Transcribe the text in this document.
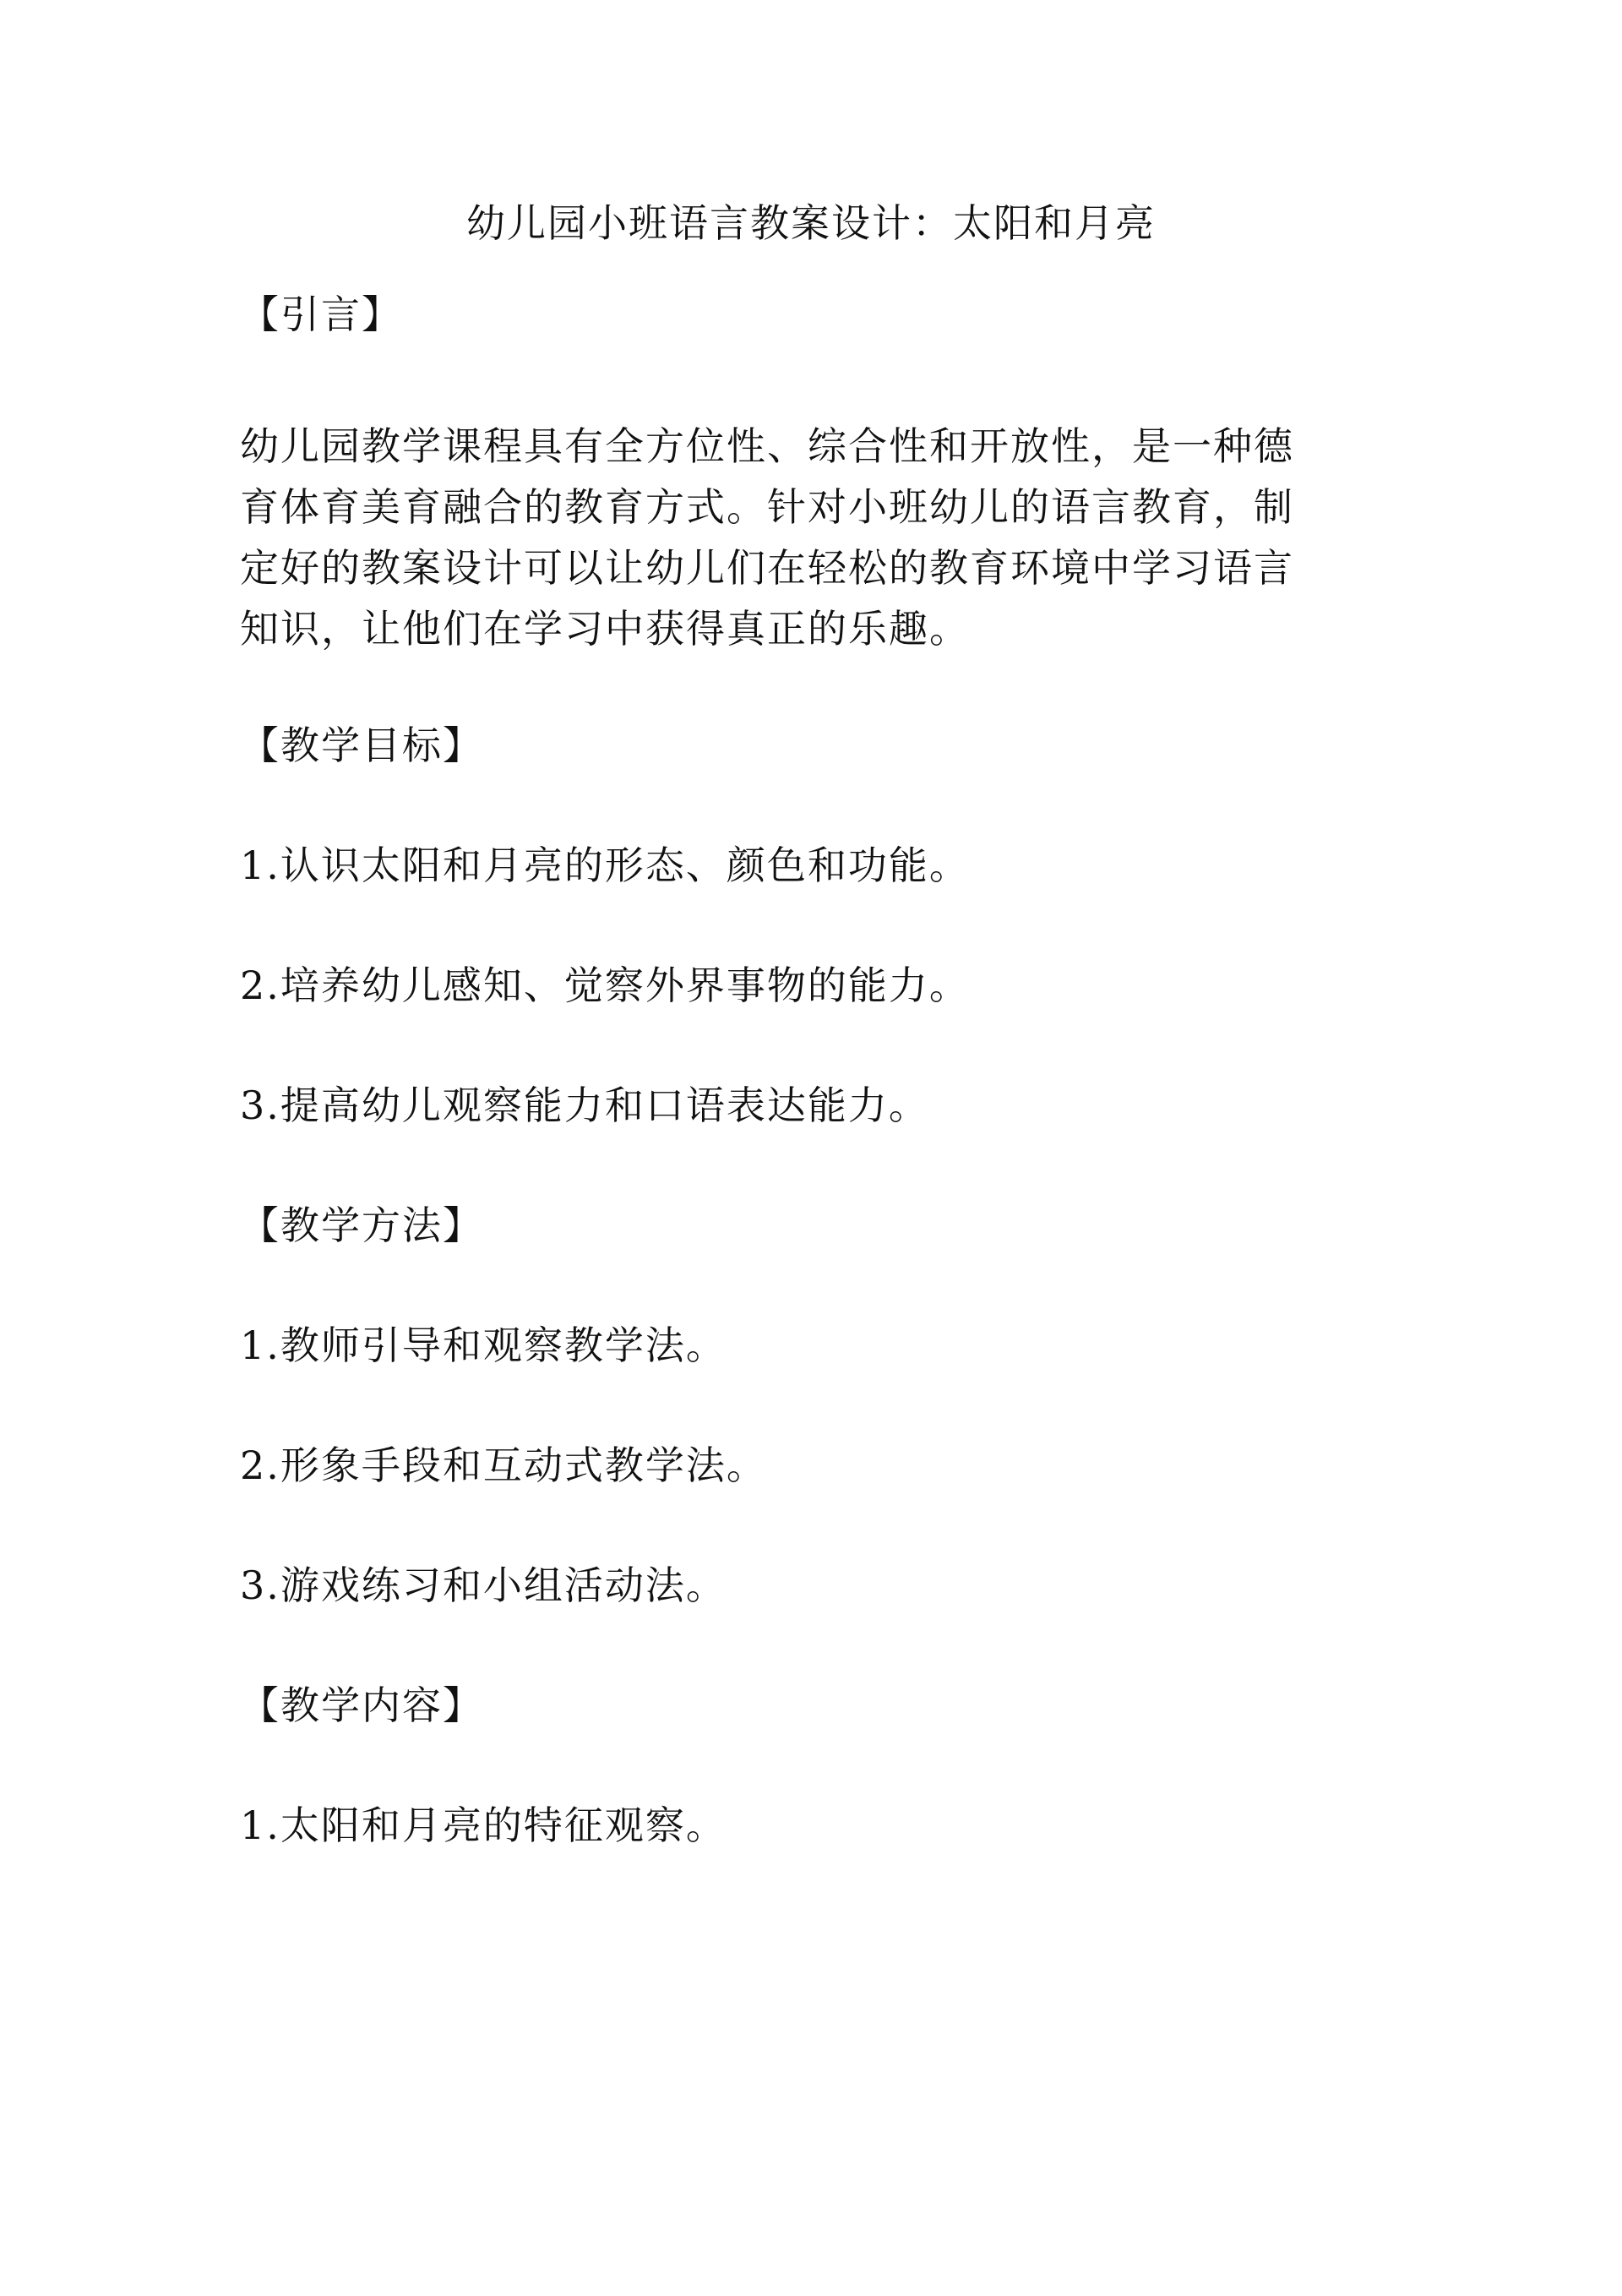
幼儿园小班语言教案设计：太阳和月亮
【引言】
幼儿园教学课程具有全方位性、综合性和开放性，是一种德
育体育美育融合的教育方式。针对小班幼儿的语言教育，制
定好的教案设计可以让幼儿们在轻松的教育环境中学习语言
知识，让他们在学习中获得真正的乐趣。
【教学目标】
1.认识太阳和月亮的形态、颜色和功能。
2.培养幼儿感知、觉察外界事物的能力。
3.提高幼儿观察能力和口语表达能力。
【教学方法】
1.教师引导和观察教学法。
2.形象手段和互动式教学法。
3.游戏练习和小组活动法。
【教学内容】
1.太阳和月亮的特征观察。
